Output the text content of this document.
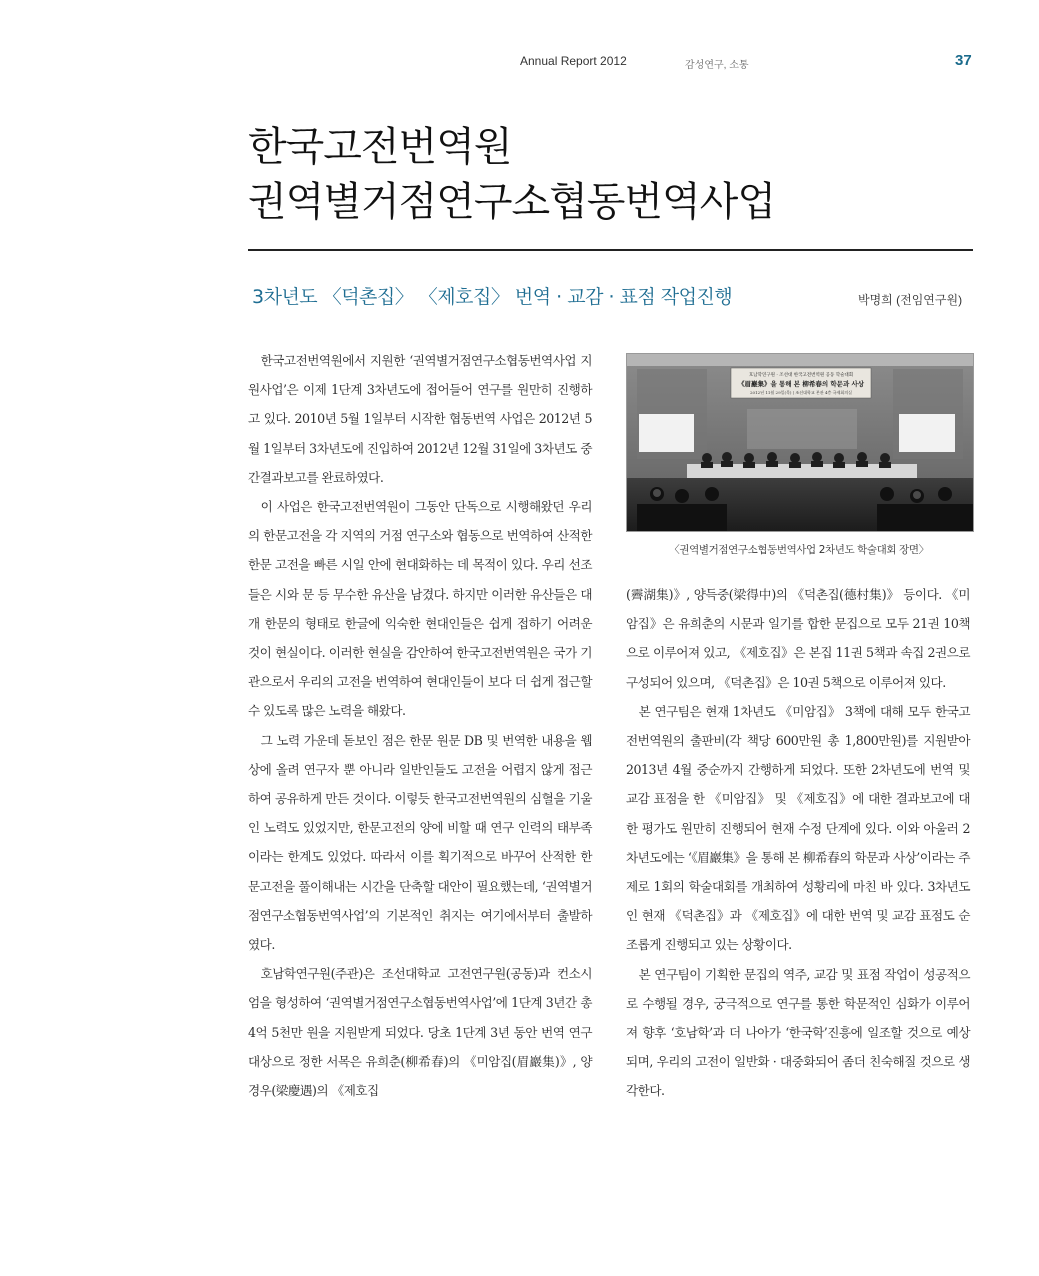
Annual Report 2012	감성연구, 소통	37
한국고전번역원
권역별거점연구소협동번역사업
3차년도 〈덕촌집〉 〈제호집〉 번역 · 교감 · 표점 작업진행	박명희 (전임연구원)

한국고전번역원에서 지원한 ‘권역별거점연구소협동번역사업 지원사업’은 이제 1단계 3차년도에 접어들어 연구를 원만히 진행하고 있다. 2010년 5월 1일부터 시작한 협동번역 사업은 2012년 5월 1일부터 3차년도에 진입하여 2012년 12월 31일에 3차년도 중간결과보고를 완료하였다.

이 사업은 한국고전번역원이 그동안 단독으로 시행해왔던 우리의 한문고전을 각 지역의 거점 연구소와 협동으로 번역하여 산적한 한문 고전을 빠른 시일 안에 현대화하는 데 목적이 있다. 우리 선조들은 시와 문 등 무수한 유산을 남겼다. 하지만 이러한 유산들은 대개 한문의 형태로 한글에 익숙한 현대인들은 쉽게 접하기 어려운 것이 현실이다. 이러한 현실을 감안하여 한국고전번역원은 국가 기관으로서 우리의 고전을 번역하여 현대인들이 보다 더 쉽게 접근할 수 있도록 많은 노력을 해왔다.

그 노력 가운데 돋보인 점은 한문 원문 DB 및 번역한 내용을 웹상에 올려 연구자 뿐 아니라 일반인들도 고전을 어렵지 않게 접근하여 공유하게 만든 것이다. 이렇듯 한국고전번역원의 심혈을 기울인 노력도 있었지만, 한문고전의 양에 비할 때 연구 인력의 태부족이라는 한계도 있었다. 따라서 이를 획기적으로 바꾸어 산적한 한문고전을 풀이해내는 시간을 단축할 대안이 필요했는데, ‘권역별거점연구소협동번역사업’의 기본적인 취지는 여기에서부터 출발하였다.

호남학연구원(주관)은 조선대학교 고전연구원(공동)과 컨소시엄을 형성하여 ‘권역별거점연구소협동번역사업’에 1단계 3년간 총 4억 5천만 원을 지원받게 되었다. 당초 1단계 3년 동안 번역 연구 대상으로 정한 서목은 유희춘(柳希春)의 《미암집(眉巖集)》, 양경우(梁慶遇)의 《제호집

호남학연구원 · 조선대 한국고전번역원 공동 학술대회
《眉巖集》을 통해 본 柳希春의 학문과 사상
2012년 11월 29일(목) | 조선대학교 본관 4층 국제회의실
〈권역별거점연구소협동번역사업 2차년도 학술대회 장면〉

(霽湖集)》, 양득중(梁得中)의 《덕촌집(德村集)》 등이다. 《미암집》은 유희춘의 시문과 일기를 합한 문집으로 모두 21권 10책으로 이루어져 있고, 《제호집》은 본집 11권 5책과 속집 2권으로 구성되어 있으며, 《덕촌집》은 10권 5책으로 이루어져 있다.

본 연구팀은 현재 1차년도 《미암집》 3책에 대해 모두 한국고전번역원의 출판비(각 책당 600만원 총 1,800만원)를 지원받아 2013년 4월 중순까지 간행하게 되었다. 또한 2차년도에 번역 및 교감 표점을 한 《미암집》 및 《제호집》에 대한 결과보고에 대한 평가도 원만히 진행되어 현재 수정 단계에 있다. 이와 아울러 2차년도에는 ‘《眉巖集》을 통해 본 柳希春의 학문과 사상’이라는 주제로 1회의 학술대회를 개최하여 성황리에 마친 바 있다. 3차년도인 현재 《덕촌집》과 《제호집》에 대한 번역 및 교감 표점도 순조롭게 진행되고 있는 상황이다.

본 연구팀이 기획한 문집의 역주, 교감 및 표점 작업이 성공적으로 수행될 경우, 궁극적으로 연구를 통한 학문적인 심화가 이루어져 향후 ‘호남학’과 더 나아가 ‘한국학’진흥에 일조할 것으로 예상되며, 우리의 고전이 일반화 · 대중화되어 좀더 친숙해질 것으로 생각한다.
